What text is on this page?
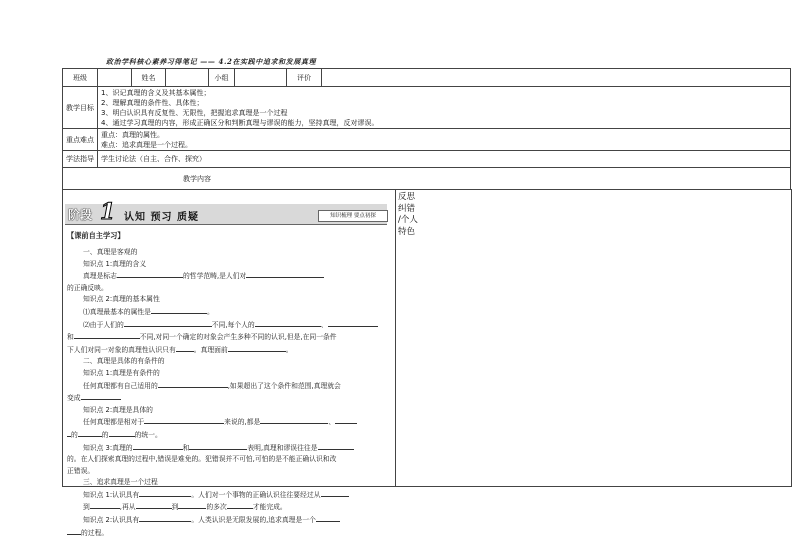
政治学科核心素养习得笔记 —— 4.2在实践中追求和发展真理
班级		姓名		小组		评价	
教学目标	1、识记真理的含义及其基本属性；
2、理解真理的条件性、具体性；
3、明白认识具有反复性、无限性，把握追求真理是一个过程
4、通过学习真理的内容，形成正确区分和判断真理与谬误的能力，坚持真理，反对谬误。						

重点难点	重点：真理的属性。
难点：追求真理是一个过程。						

学法指导	学生讨论法（自主、合作、探究）						
教学内容							
反思
纠错
/个人
特色
阶段 1 认知 预习 质疑	知识梳理 要点初探
【课前自主学习】
一、真理是客观的
知识点 1:真理的含义
真理是标志	的哲学范畴,是人们对
的正确反映。
知识点 2:真理的基本属性
⑴真理最基本的属性是	。
⑵由于人们的	不同,每个人的	、
和	不同,对同一个确定的对象会产生多种不同的认识,但是,在同一条件
下人们对同一对象的真理性认识只有	。真理面前	。
二、真理是具体的有条件的
知识点 1:真理是有条件的
任何真理都有自己适用的	,如果超出了这个条件和范围,真理就会
变成
知识点 2:真理是具体的
任何真理都是相对于	来说的,都是	、
的	的	的统一。
知识点 3:真理的	和	表明,真理和谬误往往是
的。在人们探索真理的过程中,错误是难免的。犯错误并不可怕,可怕的是不能正确认识和改
正错误。
三、追求真理是一个过程
知识点 1:认识具有	。人们对一个事物的正确认识往往要经过从
到	,再从	到	的多次	才能完成。
知识点 2:认识具有	。人类认识是无限发展的,追求真理是一个
的过程。
